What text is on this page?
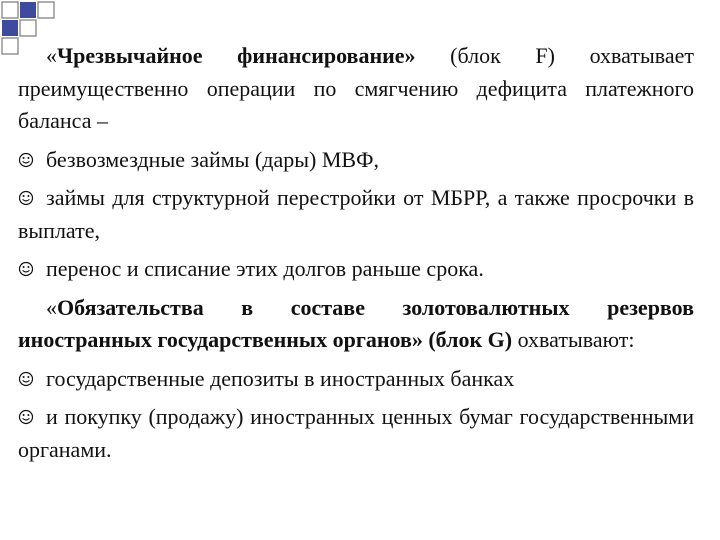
«Чрезвычайное финансирование» (блок F) охватывает преимущественно операции по смягчению дефицита платежного баланса –

безвозмездные займы (дары) МВФ,

займы для структурной перестройки от МБРР, а также просрочки в выплате,

перенос и списание этих долгов раньше срока.

«Обязательства в составе золотовалютных резервов иностранных государственных органов» (блок G) охватывают:

государственные депозиты в иностранных банках

и покупку (продажу) иностранных ценных бумаг государственными органами.
